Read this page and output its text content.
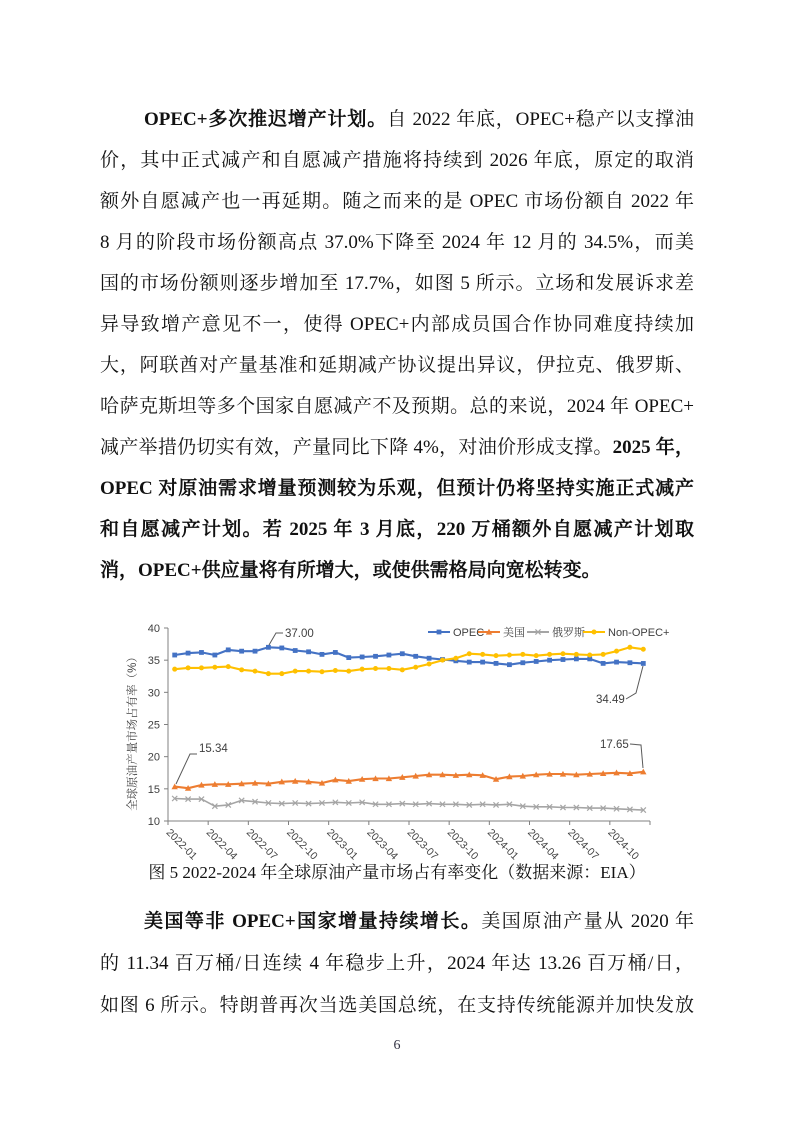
OPEC+多次推迟增产计划。自 2022 年底，OPEC+稳产以支撑油
价，其中正式减产和自愿减产措施将持续到 2026 年底，原定的取消
额外自愿减产也一再延期。随之而来的是 OPEC 市场份额自 2022 年
8 月的阶段市场份额高点 37.0%下降至 2024 年 12 月的 34.5%，而美
国的市场份额则逐步增加至 17.7%，如图 5 所示。立场和发展诉求差
异导致增产意见不一，使得 OPEC+内部成员国合作协同难度持续加
大，阿联酋对产量基准和延期减产协议提出异议，伊拉克、俄罗斯、
哈萨克斯坦等多个国家自愿减产不及预期。总的来说，2024 年 OPEC+
减产举措仍切实有效，产量同比下降 4%，对油价形成支撑。2025 年，
OPEC 对原油需求增量预测较为乐观，但预计仍将坚持实施正式减产
和自愿减产计划。若 2025 年 3 月底，220 万桶额外自愿减产计划取
消，OPEC+供应量将有所增大，或使供需格局向宽松转变。
10
15
20
25
30
35
40
2022-01 2022-04 2022-07 2022-10 2023-01 2023-04 2023-07 2023-10 2024-01 2024-04 2024-07 2024-10
全球原油产量市场占有率（%）
OPEC 美国 俄罗斯 Non-OPEC+
37.00
15.34
34.49
17.65
图 5 2022-2024 年全球原油产量市场占有率变化（数据来源：EIA）
美国等非 OPEC+国家增量持续增长。美国原油产量从 2020 年
的 11.34 百万桶/日连续 4 年稳步上升，2024 年达 13.26 百万桶/日，
如图 6 所示。特朗普再次当选美国总统，在支持传统能源并加快发放
6
